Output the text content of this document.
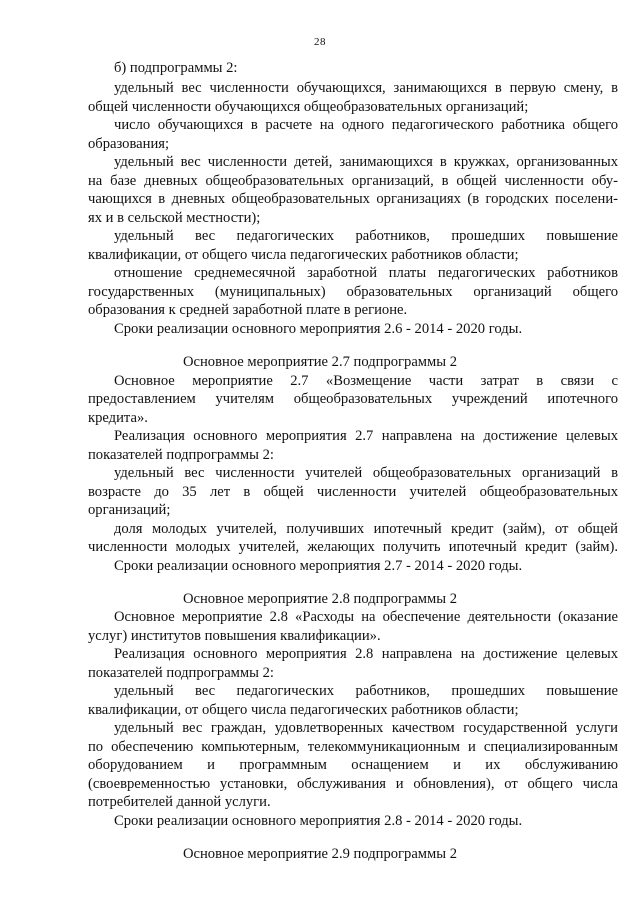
28
б) подпрограммы 2:
удельный вес численности обучающихся, занимающихся в первую смену, в
общей численности обучающихся общеобразовательных организаций;
число обучающихся в расчете на одного педагогического работника общего
образования;
удельный вес численности детей, занимающихся в кружках, организованных
на базе дневных общеобразовательных организаций, в общей численности обу-
чающихся в дневных общеобразовательных организациях (в городских поселени-
ях и в сельской местности);
удельный вес педагогических работников, прошедших повышение
квалификации, от общего числа педагогических работников области;
отношение среднемесячной заработной платы педагогических работников
государственных (муниципальных) образовательных организаций общего
образования к средней заработной плате в регионе.
Сроки реализации основного мероприятия 2.6 - 2014 - 2020 годы.
Основное мероприятие 2.7 подпрограммы 2
Основное мероприятие 2.7 «Возмещение части затрат в связи с
предоставлением учителям общеобразовательных учреждений ипотечного
кредита».
Реализация основного мероприятия 2.7 направлена на достижение целевых
показателей подпрограммы 2:
удельный вес численности учителей общеобразовательных организаций в
возрасте до 35 лет в общей численности учителей общеобразовательных
организаций;
доля молодых учителей, получивших ипотечный кредит (займ), от общей
численности молодых учителей, желающих получить ипотечный кредит (займ).
Сроки реализации основного мероприятия 2.7 - 2014 - 2020 годы.
Основное мероприятие 2.8 подпрограммы 2
Основное мероприятие 2.8 «Расходы на обеспечение деятельности (оказание
услуг) институтов повышения квалификации».
Реализация основного мероприятия 2.8 направлена на достижение целевых
показателей подпрограммы 2:
удельный вес педагогических работников, прошедших повышение
квалификации, от общего числа педагогических работников области;
удельный вес граждан, удовлетворенных качеством государственной услуги
по обеспечению компьютерным, телекоммуникационным и специализированным
оборудованием и программным оснащением и их обслуживанию
(своевременностью установки, обслуживания и обновления), от общего числа
потребителей данной услуги.
Сроки реализации основного мероприятия 2.8 - 2014 - 2020 годы.
Основное мероприятие 2.9 подпрограммы 2
